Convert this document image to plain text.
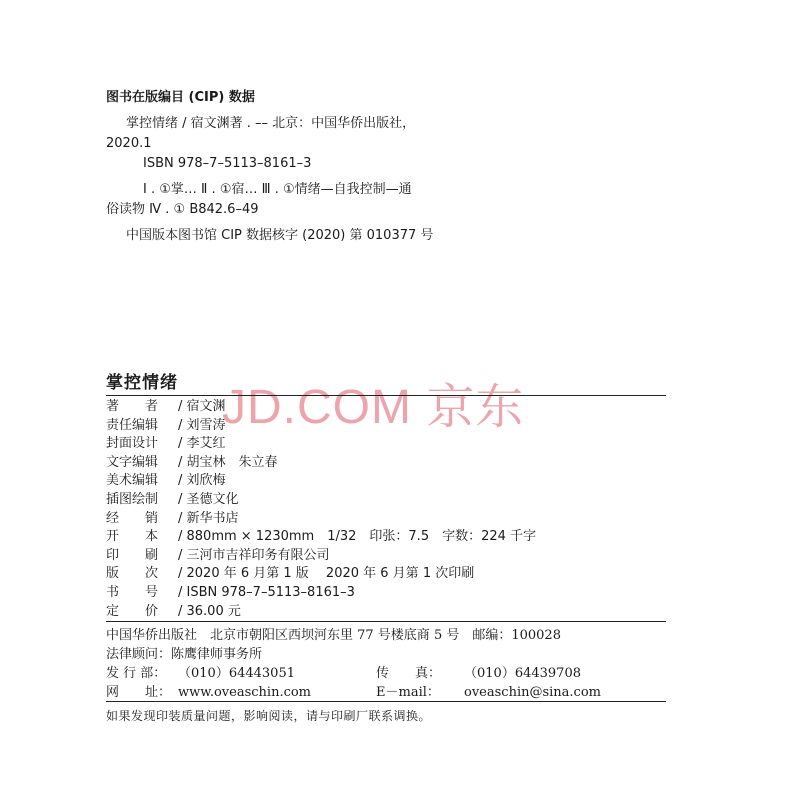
图书在版编目 (CIP) 数据
掌控情绪 / 宿文渊著 . –– 北京：中国华侨出版社，
2020.1
ISBN 978–7–5113–8161–3
Ⅰ . ①掌… Ⅱ . ①宿… Ⅲ . ①情绪—自我控制—通
俗读物 Ⅳ . ① B842.6–49
中国版本图书馆 CIP 数据核字 (2020) 第 010377 号
掌控情绪 JD.COM 京东
著　　者 / 宿文渊
责任编辑 / 刘雪涛
封面设计 / 李艾红
文字编辑 / 胡宝林　朱立春
美术编辑 / 刘欣梅
插图绘制 / 圣德文化
经　　销 / 新华书店
开　　本 / 880mm × 1230mm　1/32　印张：7.5　字数：224 千字
印　　刷 / 三河市吉祥印务有限公司
版　　次 / 2020 年 6 月第 1 版　 2020 年 6 月第 1 次印刷
书　　号 / ISBN 978–7–5113–8161–3
定　　价 / 36.00 元
中国华侨出版社　北京市朝阳区西坝河东里 77 号楼底商 5 号　邮编：100028
法律顾问：陈鹰律师事务所
发 行 部： （010）64443051	传　　真： （010）64439708
网　　址： www.oveaschin.com	E－mail： oveaschin@sina.com
如果发现印装质量问题，影响阅读，请与印刷厂联系调换。
